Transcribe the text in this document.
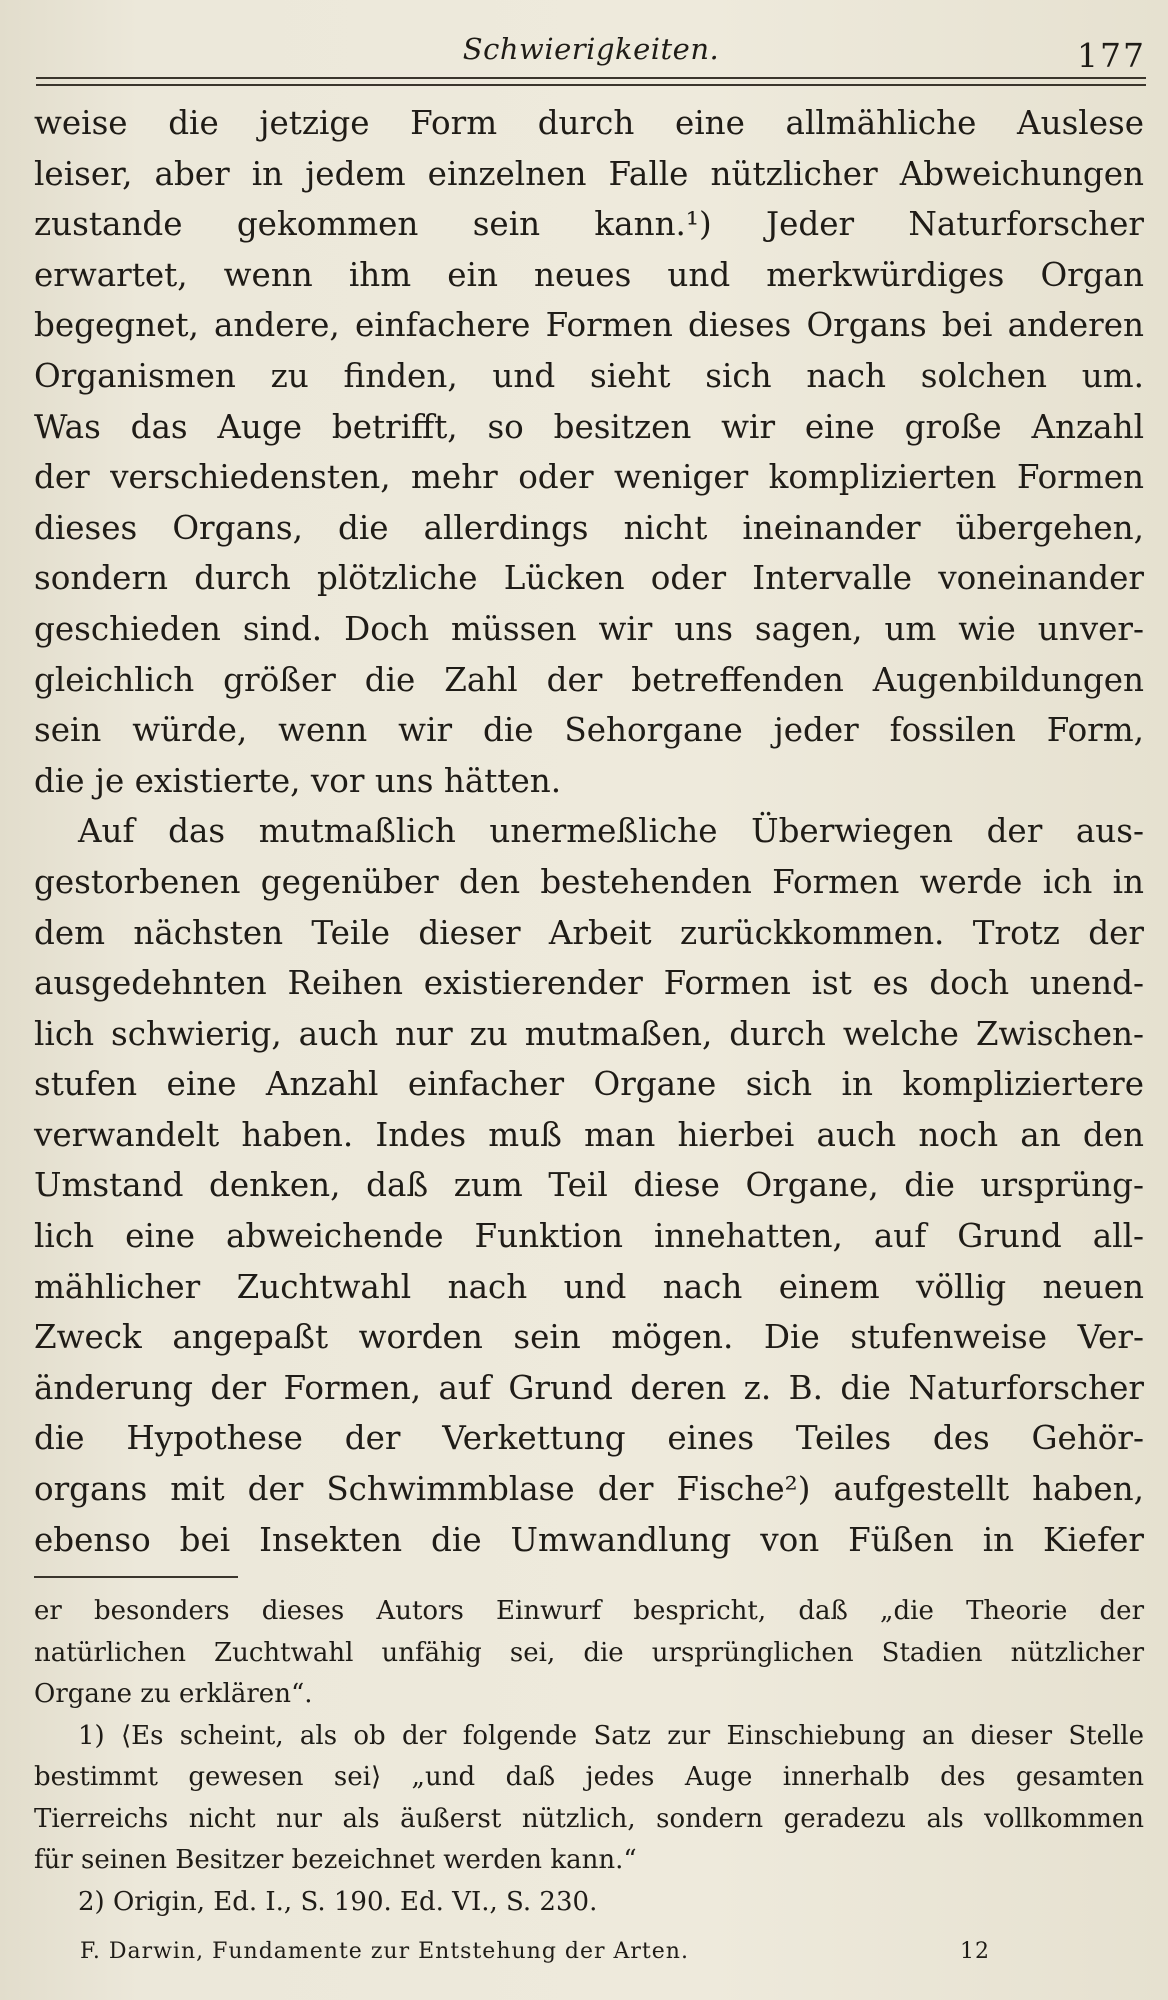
Schwierigkeiten.	177
weise die jetzige Form durch eine allmähliche Auslese
leiser, aber in jedem einzelnen Falle nützlicher Abweichungen
zustande gekommen sein kann.¹) Jeder Naturforscher
erwartet, wenn ihm ein neues und merkwürdiges Organ
begegnet, andere, einfachere Formen dieses Organs bei anderen
Organismen zu finden, und sieht sich nach solchen um.
Was das Auge betrifft, so besitzen wir eine große Anzahl
der verschiedensten, mehr oder weniger komplizierten Formen
dieses Organs, die allerdings nicht ineinander übergehen,
sondern durch plötzliche Lücken oder Intervalle voneinander
geschieden sind. Doch müssen wir uns sagen, um wie unver-
gleichlich größer die Zahl der betreffenden Augenbildungen
sein würde, wenn wir die Sehorgane jeder fossilen Form,
die je existierte, vor uns hätten.
Auf das mutmaßlich unermeßliche Überwiegen der aus-
gestorbenen gegenüber den bestehenden Formen werde ich in
dem nächsten Teile dieser Arbeit zurückkommen. Trotz der
ausgedehnten Reihen existierender Formen ist es doch unend-
lich schwierig, auch nur zu mutmaßen, durch welche Zwischen-
stufen eine Anzahl einfacher Organe sich in kompliziertere
verwandelt haben. Indes muß man hierbei auch noch an den
Umstand denken, daß zum Teil diese Organe, die ursprüng-
lich eine abweichende Funktion innehatten, auf Grund all-
mählicher Zuchtwahl nach und nach einem völlig neuen
Zweck angepaßt worden sein mögen. Die stufenweise Ver-
änderung der Formen, auf Grund deren z. B. die Naturforscher
die Hypothese der Verkettung eines Teiles des Gehör-
organs mit der Schwimmblase der Fische²) aufgestellt haben,
ebenso bei Insekten die Umwandlung von Füßen in Kiefer
er besonders dieses Autors Einwurf bespricht, daß „die Theorie der
natürlichen Zuchtwahl unfähig sei, die ursprünglichen Stadien nützlicher
Organe zu erklären“.
1) ⟨Es scheint, als ob der folgende Satz zur Einschiebung an dieser Stelle
bestimmt gewesen sei⟩ „und daß jedes Auge innerhalb des gesamten
Tierreichs nicht nur als äußerst nützlich, sondern geradezu als vollkommen
für seinen Besitzer bezeichnet werden kann.“
2) Origin, Ed. I., S. 190. Ed. VI., S. 230.
F. Darwin, Fundamente zur Entstehung der Arten.	12
